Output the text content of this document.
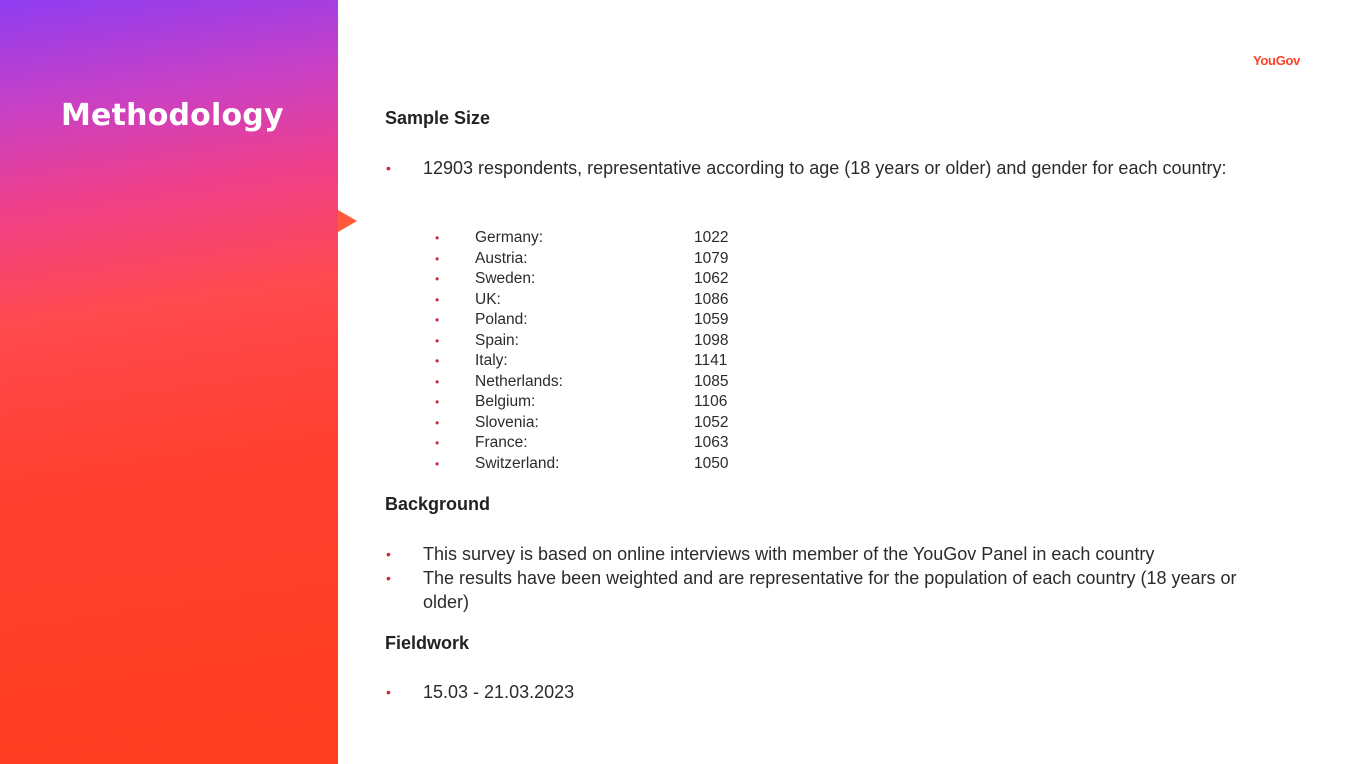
Methodology
YouGov
Sample Size
• 12903 respondents, representative according to age (18 years or older) and gender for each country:
• Germany:	1022
• Austria:	1079
• Sweden:	1062
• UK:	1086
• Poland:	1059
• Spain:	1098
• Italy:	1141
• Netherlands:	1085
• Belgium:	1106
• Slovenia:	1052
• France:	1063
• Switzerland:	1050
Background
• This survey is based on online interviews with member of the YouGov Panel in each country
• The results have been weighted and are representative for the population of each country (18 years or older)
Fieldwork
• 15.03 - 21.03.2023
